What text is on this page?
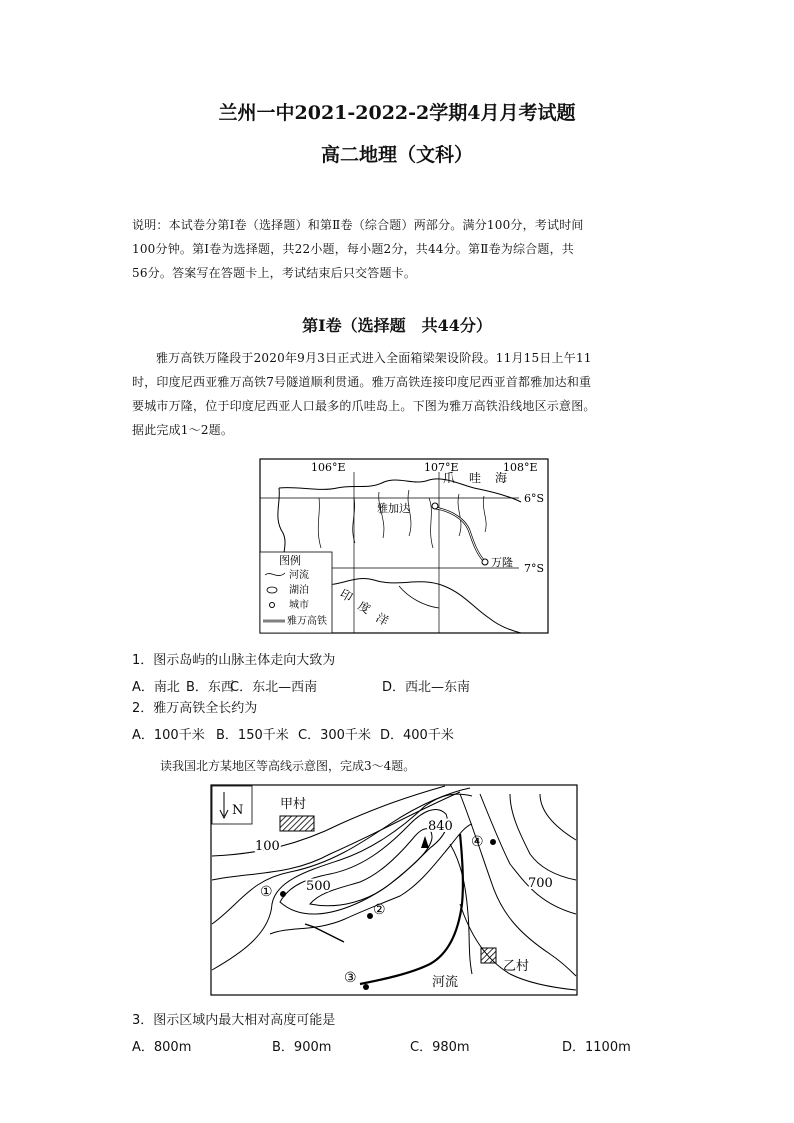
兰州一中2021-2022-2学期4月月考试题
高二地理（文科）
说明：本试卷分第Ⅰ卷（选择题）和第Ⅱ卷（综合题）两部分。满分100分，考试时间
100分钟。第Ⅰ卷为选择题，共22小题，每小题2分，共44分。第Ⅱ卷为综合题，共
56分。答案写在答题卡上，考试结束后只交答题卡。
第Ⅰ卷（选择题　共44分）
雅万高铁万隆段于2020年9月3日正式进入全面箱梁架设阶段。11月15日上午11
时，印度尼西亚雅万高铁7号隧道顺利贯通。雅万高铁连接印度尼西亚首都雅加达和重
要城市万隆，位于印度尼西亚人口最多的爪哇岛上。下图为雅万高铁沿线地区示意图。
据此完成1～2题。
106°E	107°E	108°E
6°S
7°S
爪 哇 海
雅加达
万隆
印
度
洋
图例
河流
湖泊
城市
雅万高铁
1．图示岛屿的山脉主体走向大致为
A．南北 B．东西
C．东北—西南	D．西北—东南
2．雅万高铁全长约为
A．100千米 B．150千米 C．300千米 D．400千米
读我国北方某地区等高线示意图，完成3～4题。
N	甲村
100
500
840
700
①
②
③
④
乙村
河流
3．图示区域内最大相对高度可能是
A．800m	B．900m	C．980m	D．1100m
